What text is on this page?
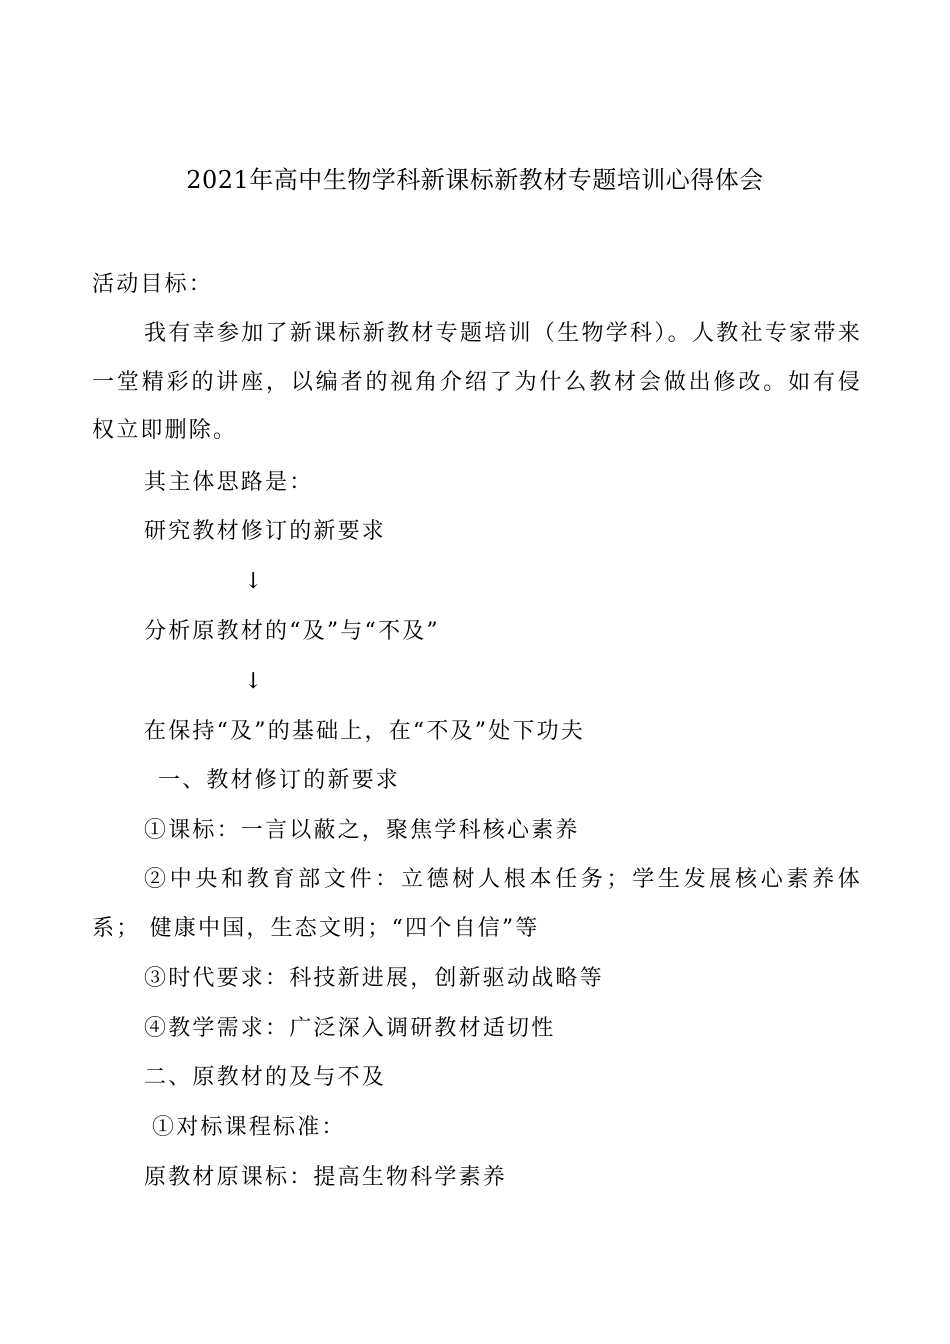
2021年高中生物学科新课标新教材专题培训心得体会
活动目标：
我有幸参加了新课标新教材专题培训（生物学科）。人教社专家带来一堂精彩的讲座，以编者的视角介绍了为什么教材会做出修改。如有侵权立即删除。
其主体思路是：
研究教材修订的新要求
↓
分析原教材的“及”与“不及”
↓
在保持“及”的基础上，在“不及”处下功夫
一、教材修订的新要求
①课标：一言以蔽之，聚焦学科核心素养
②中央和教育部文件：立德树人根本任务；学生发展核心素养体系； 健康中国，生态文明；“四个自信”等
③时代要求：科技新进展，创新驱动战略等
④教学需求：广泛深入调研教材适切性
二、原教材的及与不及
①对标课程标准：
原教材原课标：提高生物科学素养
